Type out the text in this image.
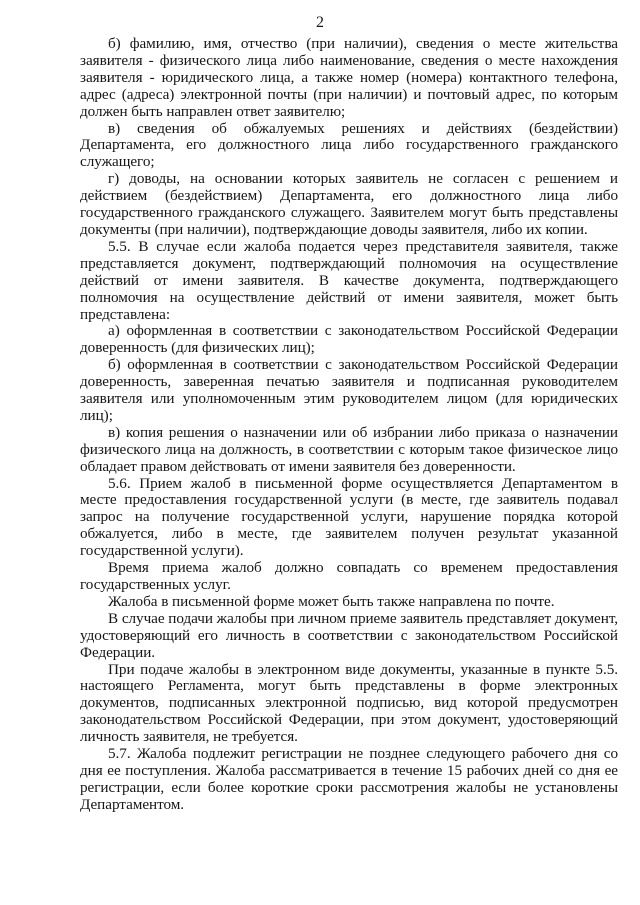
2

б) фамилию, имя, отчество (при наличии), сведения о месте жительства заявителя - физического лица либо наименование, сведения о месте нахождения заявителя - юридического лица, а также номер (номера) контактного телефона, адрес (адреса) электронной почты (при наличии) и почтовый адрес, по которым должен быть направлен ответ заявителю;

в) сведения об обжалуемых решениях и действиях (бездействии) Департамента, его должностного лица либо государственного гражданского служащего;

г) доводы, на основании которых заявитель не согласен с решением и действием (бездействием) Департамента, его должностного лица либо государственного гражданского служащего. Заявителем могут быть представлены документы (при наличии), подтверждающие доводы заявителя, либо их копии.

5.5. В случае если жалоба подается через представителя заявителя, также представляется документ, подтверждающий полномочия на осуществление действий от имени заявителя. В качестве документа, подтверждающего полномочия на осуществление действий от имени заявителя, может быть представлена:

а) оформленная в соответствии с законодательством Российской Федерации доверенность (для физических лиц);

б) оформленная в соответствии с законодательством Российской Федерации доверенность, заверенная печатью заявителя и подписанная руководителем заявителя или уполномоченным этим руководителем лицом (для юридических лиц);

в) копия решения о назначении или об избрании либо приказа о назначении физического лица на должность, в соответствии с которым такое физическое лицо обладает правом действовать от имени заявителя без доверенности.

5.6. Прием жалоб в письменной форме осуществляется Департаментом в месте предоставления государственной услуги (в месте, где заявитель подавал запрос на получение государственной услуги, нарушение порядка которой обжалуется, либо в месте, где заявителем получен результат указанной государственной услуги).

Время приема жалоб должно совпадать со временем предоставления государственных услуг.

Жалоба в письменной форме может быть также направлена по почте.

В случае подачи жалобы при личном приеме заявитель представляет документ, удостоверяющий его личность в соответствии с законодательством Российской Федерации.

При подаче жалобы в электронном виде документы, указанные в пункте 5.5. настоящего Регламента, могут быть представлены в форме электронных документов, подписанных электронной подписью, вид которой предусмотрен законодательством Российской Федерации, при этом документ, удостоверяющий личность заявителя, не требуется.

5.7. Жалоба подлежит регистрации не позднее следующего рабочего дня со дня ее поступления. Жалоба рассматривается в течение 15 рабочих дней со дня ее регистрации, если более короткие сроки рассмотрения жалобы не установлены Департаментом.
